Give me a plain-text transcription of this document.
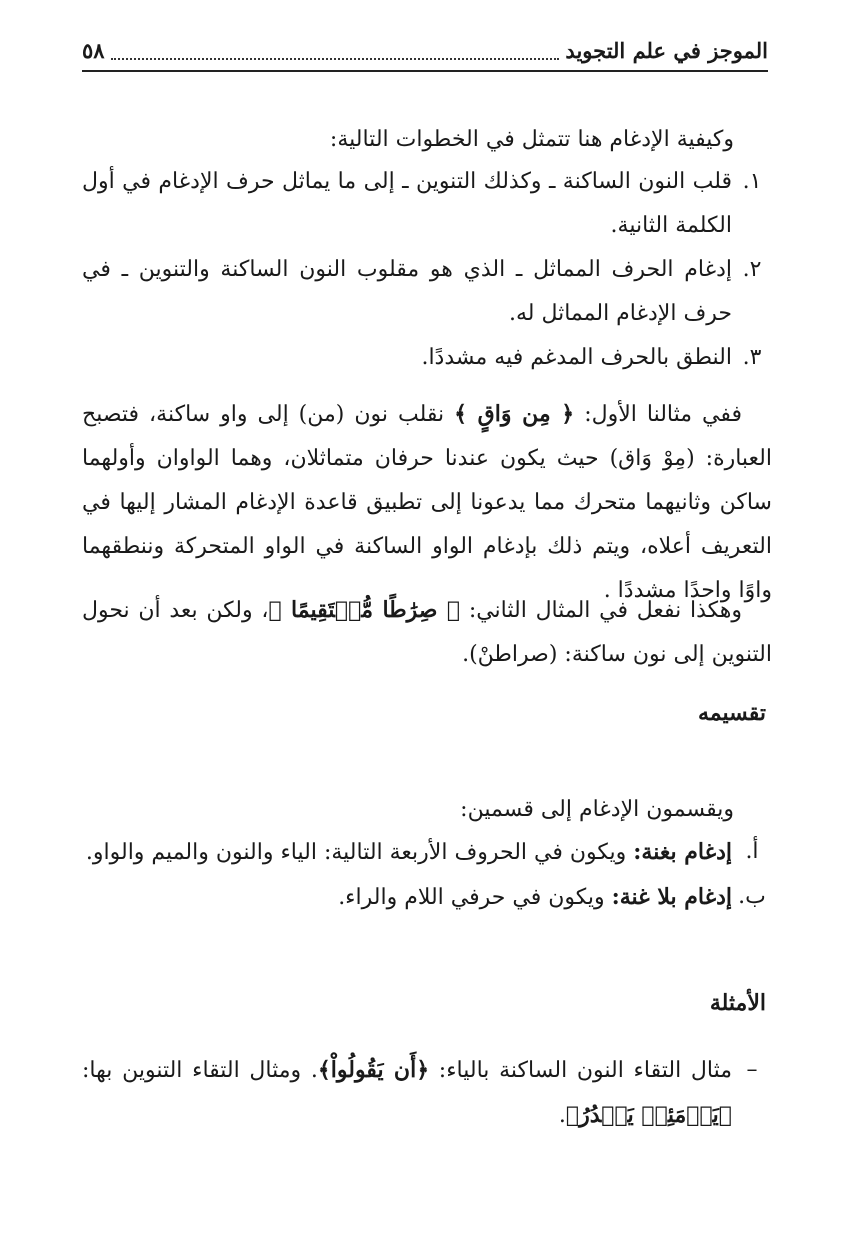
الموجز في علم التجويد
٥٨

وكيفية الإدغام هنا تتمثل في الخطوات التالية:

١.
قلب النون الساكنة ـ وكذلك التنوين ـ إلى ما يماثل حرف الإدغام في أول الكلمة الثانية.
٢.
إدغام الحرف المماثل ـ الذي هو مقلوب النون الساكنة والتنوين ـ في حرف الإدغام المماثل له.
٣.
النطق بالحرف المدغم فيه مشددًا.

ففي مثالنا الأول: ﴿ مِن وَاقٍ ﴾ نقلب نون (من) إلى واو ساكنة، فتصبح العبارة: (مِوْ وَاق) حيث يكون عندنا حرفان متماثلان، وهما الواوان وأولهما ساكن وثانيهما متحرك مما يدعونا إلى تطبيق قاعدة الإدغام المشار إليها في التعريف أعلاه، ويتم ذلك بإدغام الواو الساكنة في الواو المتحركة وننطقهما واوًا واحدًا مشددًا .

وهكذا نفعل في المثال الثاني: ﴿ صِرَٰطًا مُّسۡتَقِيمًا ﴾، ولكن بعد أن نحول التنوين إلى نون ساكنة: (صراطنْ).

تقسيمه

ويقسمون الإدغام إلى قسمين:

أ.
إدغام بغنة: ويكون في الحروف الأربعة التالية: الياء والنون والميم والواو.
ب.
إدغام بلا غنة: ويكون في حرفي اللام والراء.
الأمثلة
–
مثال التقاء النون الساكنة بالياء: ﴿أَن يَقُولُواْ﴾. ومثال التقاء التنوين بها: ﴿يَوۡمَئِذٖ يَصۡدُرُ﴾.
